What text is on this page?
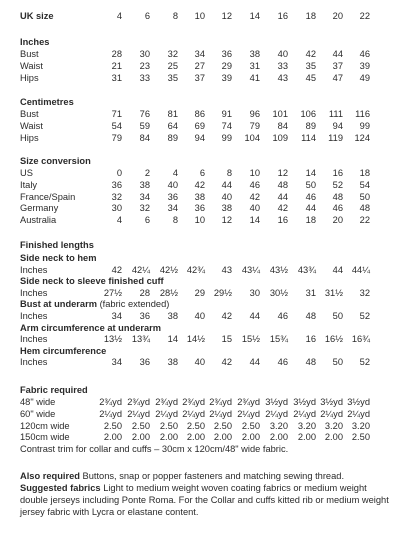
UK size	4 6 8 10 12 14 16 18 20 22
Inches
Bust	28 30 32 34 36 38 40 42 44 46
Waist	21 23 25 27 29 31 33 35 37 39
Hips	31 33 35 37 39 41 43 45 47 49
Centimetres
Bust	71 76 81 86 91 96 101 106 111 116
Waist	54 59 64 69 74 79 84 89 94 99
Hips	79 84 89 94 99 104 109 114 119 124
Size conversion
US	0 2 4 6 8 10 12 14 16 18
Italy	36 38 40 42 44 46 48 50 52 54
France/Spain	32 34 36 38 40 42 44 46 48 50
Germany	30 32 34 36 38 40 42 44 46 48
Australia	4 6 8 10 12 14 16 18 20 22
Finished lengths
Side neck to hem
Inches	42 42¼ 42½ 42¾ 43 43¼ 43½ 43¾ 44 44¼
Side neck to sleeve finished cuff
Inches	27½ 28 28½ 29 29½ 30 30½ 31 31½ 32
Bust at underarm (fabric extended)
Inches	34 36 38 40 42 44 46 48 50 52
Arm circumference at underarm
Inches	13½ 13¾ 14 14½ 15 15½ 15¾ 16 16½ 16¾
Hem circumference
Inches	34 36 38 40 42 44 46 48 50 52
Fabric required
48" wide	2¾yd 2¾yd 2¾yd 2¾yd 2¾yd 2¾yd 3½yd 3½yd 3½yd 3½yd
60" wide	2¼yd 2¼yd 2¼yd 2¼yd 2¼yd 2¼yd 2¼yd 2¼yd 2¼yd 2¼yd
120cm wide	2.50 2.50 2.50 2.50 2.50 2.50 3.20 3.20 3.20 3.20
150cm wide	2.00 2.00 2.00 2.00 2.00 2.00 2.00 2.00 2.00 2.50
Contrast trim for collar and cuffs – 30cm x 120cm/48" wide fabric.
Also required Buttons, snap or popper fasteners and matching sewing thread.
Suggested fabrics Light to medium weight woven coating fabrics or medium weight double jerseys including Ponte Roma. For the Collar and cuffs kitted rib or medium weight jersey fabric with Lycra or elastane content.
